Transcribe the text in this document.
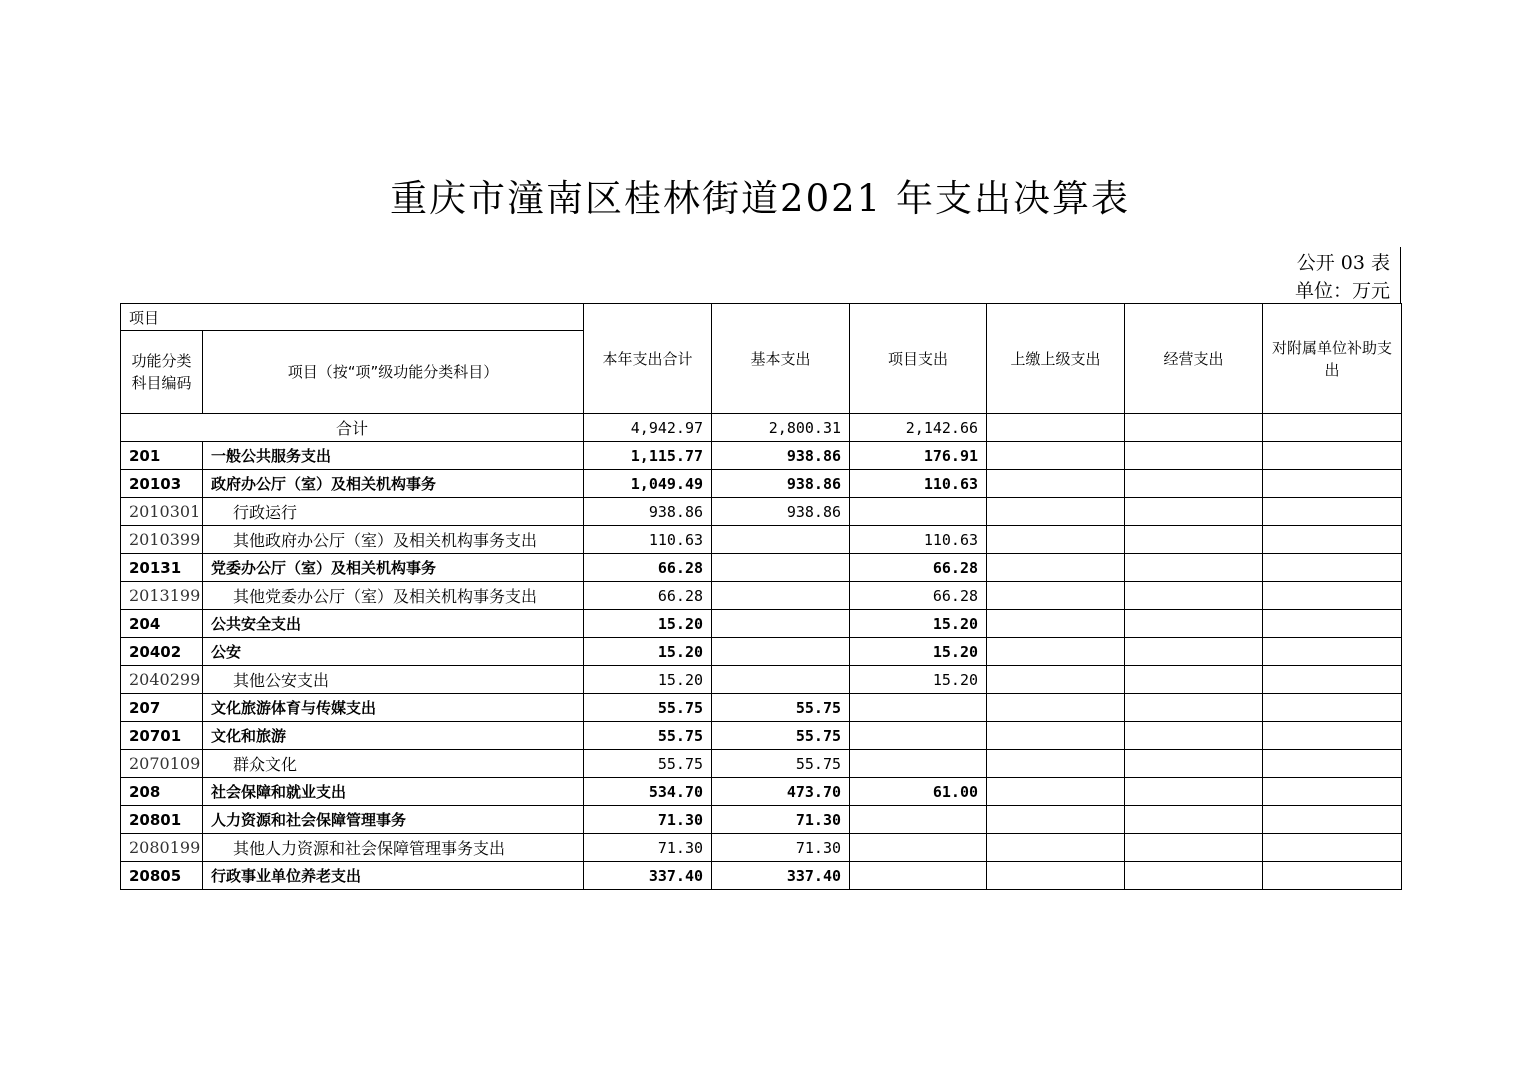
重庆市潼南区桂林街道2021 年支出决算表
公开 03 表
单位：万元
项目		本年支出合计	基本支出	项目支出	上缴上级支出	经营支出	对附属单位补助支出
功能分类科目编码	项目（按“项”级功能分类科目）						
合计		4,942.97	2,800.31	2,142.66			
201	一般公共服务支出	1,115.77	938.86	176.91			
20103	政府办公厅（室）及相关机构事务	1,049.49	938.86	110.63			
2010301	行政运行	938.86	938.86				
2010399	其他政府办公厅（室）及相关机构事务支出	110.63		110.63			
20131	党委办公厅（室）及相关机构事务	66.28		66.28			
2013199	其他党委办公厅（室）及相关机构事务支出	66.28		66.28			
204	公共安全支出	15.20		15.20			
20402	公安	15.20		15.20			
2040299	其他公安支出	15.20		15.20			
207	文化旅游体育与传媒支出	55.75	55.75				
20701	文化和旅游	55.75	55.75				
2070109	群众文化	55.75	55.75				
208	社会保障和就业支出	534.70	473.70	61.00			
20801	人力资源和社会保障管理事务	71.30	71.30				
2080199	其他人力资源和社会保障管理事务支出	71.30	71.30				
20805	行政事业单位养老支出	337.40	337.40				
